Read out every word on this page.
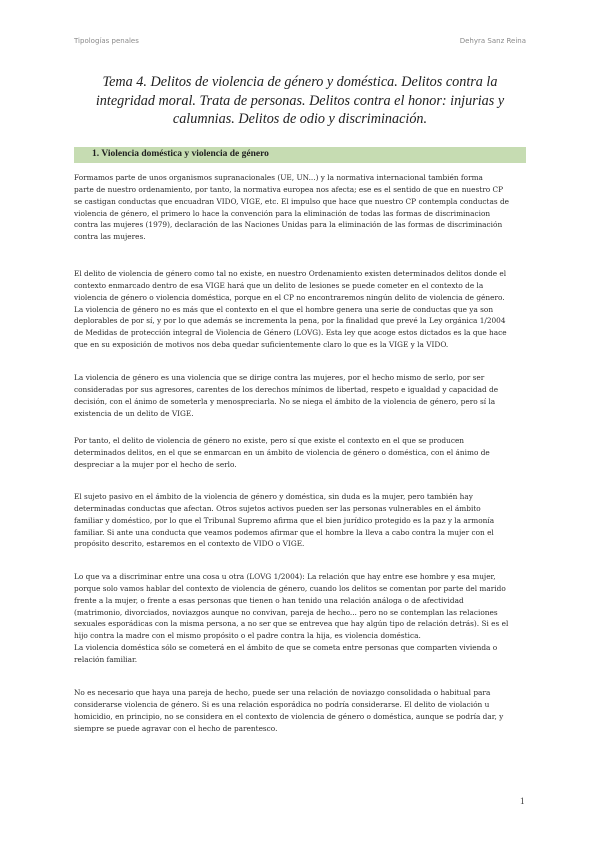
Tipologías penales	Dehyra Sanz Reina
Tema 4. Delitos de violencia de género y doméstica. Delitos contra la
integridad moral. Trata de personas. Delitos contra el honor: injurias y
calumnias. Delitos de odio y discriminación.
1. Violencia doméstica y violencia de género
Formamos parte de unos organismos supranacionales (UE, UN...) y la normativa internacional también forma
parte de nuestro ordenamiento, por tanto, la normativa europea nos afecta; ese es el sentido de que en nuestro CP
se castigan conductas que encuadran VIDO, VIGE, etc. El impulso que hace que nuestro CP contempla conductas de
violencia de género, el primero lo hace la convención para la eliminación de todas las formas de discriminacion
contra las mujeres (1979), declaración de las Naciones Unidas para la eliminación de las formas de discriminación
contra las mujeres.
El delito de violencia de género como tal no existe, en nuestro Ordenamiento existen determinados delitos donde el
contexto enmarcado dentro de esa VIGE hará que un delito de lesiones se puede cometer en el contexto de la
violencia de género o violencia doméstica, porque en el CP no encontraremos ningún delito de violencia de género.
La violencia de género no es más que el contexto en el que el hombre genera una serie de conductas que ya son
deplorables de por sí, y por lo que además se incrementa la pena, por la finalidad que prevé la Ley orgánica 1/2004
de Medidas de protección integral de Violencia de Género (LOVG). Esta ley que acoge estos dictados es la que hace
que en su exposición de motivos nos deba quedar suficientemente claro lo que es la VIGE y la VIDO.
La violencia de género es una violencia que se dirige contra las mujeres, por el hecho mismo de serlo, por ser
consideradas por sus agresores, carentes de los derechos mínimos de libertad, respeto e igualdad y capacidad de
decisión, con el ánimo de someterla y menospreciarla. No se niega el ámbito de la violencia de género, pero sí la
existencia de un delito de VIGE.
Por tanto, el delito de violencia de género no existe, pero sí que existe el contexto en el que se producen
determinados delitos, en el que se enmarcan en un ámbito de violencia de género o doméstica, con el ánimo de
despreciar a la mujer por el hecho de serlo.
El sujeto pasivo en el ámbito de la violencia de género y doméstica, sin duda es la mujer, pero también hay
determinadas conductas que afectan. Otros sujetos activos pueden ser las personas vulnerables en el ámbito
familiar y doméstico, por lo que el Tribunal Supremo afirma que el bien jurídico protegido es la paz y la armonía
familiar. Si ante una conducta que veamos podemos afirmar que el hombre la lleva a cabo contra la mujer con el
propósito descrito, estaremos en el contexto de VIDO o VIGE.
Lo que va a discriminar entre una cosa u otra (LOVG 1/2004): La relación que hay entre ese hombre y esa mujer,
porque solo vamos hablar del contexto de violencia de género, cuando los delitos se comentan por parte del marido
frente a la mujer, o frente a esas personas que tienen o han tenido una relación análoga o de afectividad
(matrimonio, divorciados, noviazgos aunque no convivan, pareja de hecho... pero no se contemplan las relaciones
sexuales esporádicas con la misma persona, a no ser que se entrevea que hay algún tipo de relación detrás). Si es el
hijo contra la madre con el mismo propósito o el padre contra la hija, es violencia doméstica.
La violencia doméstica sólo se cometerá en el ámbito de que se cometa entre personas que comparten vivienda o
relación familiar.
No es necesario que haya una pareja de hecho, puede ser una relación de noviazgo consolidada o habitual para
considerarse violencia de género. Si es una relación esporádica no podría considerarse. El delito de violación u
homicidio, en principio, no se considera en el contexto de violencia de género o doméstica, aunque se podría dar, y
siempre se puede agravar con el hecho de parentesco.
1
